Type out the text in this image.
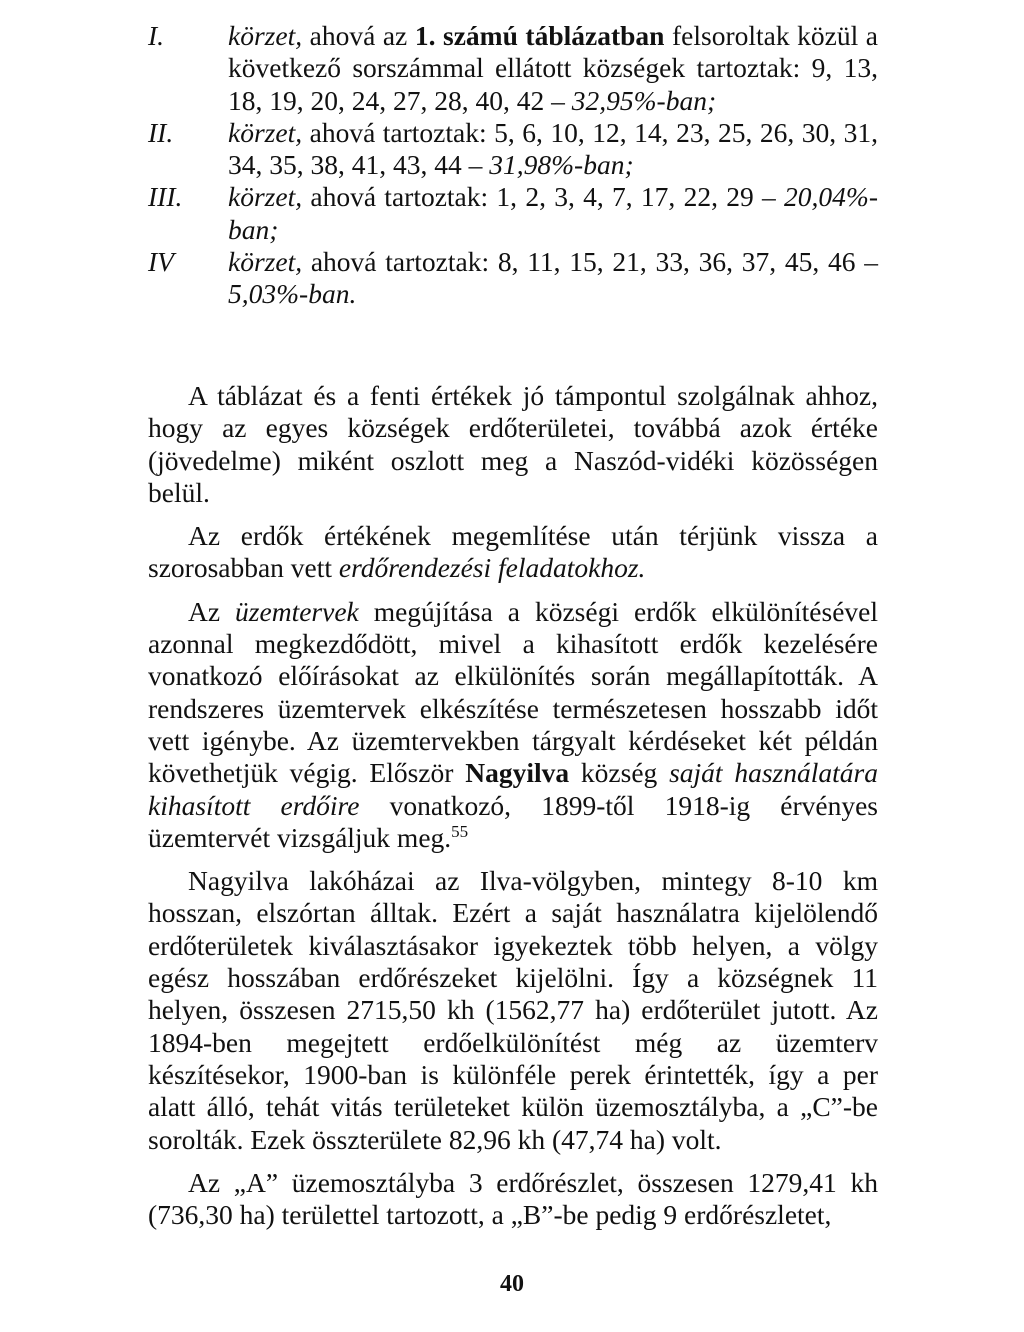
I.	körzet, ahová az 1. számú táblázatban felsoroltak közül a következő sorszámmal ellátott községek tartoztak: 9, 13, 18, 19, 20, 24, 27, 28, 40, 42 – 32,95%-ban;
II.	körzet, ahová tartoztak: 5, 6, 10, 12, 14, 23, 25, 26, 30, 31, 34, 35, 38, 41, 43, 44 – 31,98%-ban;
III.	körzet, ahová tartoztak: 1, 2, 3, 4, 7, 17, 22, 29 – 20,04%-ban;
IV	körzet, ahová tartoztak: 8, 11, 15, 21, 33, 36, 37, 45, 46 – 5,03%-ban.

A táblázat és a fenti értékek jó támpontul szolgálnak ahhoz, hogy az egyes községek erdőterületei, továbbá azok értéke (jövedelme) miként oszlott meg a Naszód-vidéki közösségen belül.

Az erdők értékének megemlítése után térjünk vissza a szorosabban vett erdőrendezési feladatokhoz.

Az üzemtervek megújítása a községi erdők elkülönítésével azonnal megkezdődött, mivel a kihasított erdők kezelésére vonatkozó előírásokat az elkülönítés során megállapították. A rendszeres üzemtervek elkészítése természetesen hosszabb időt vett igénybe. Az üzemtervekben tárgyalt kérdéseket két példán követhetjük végig. Először Nagyilva község saját használatára kihasított erdőire vonatkozó, 1899-től 1918-ig érvényes üzemtervét vizsgáljuk meg.$^{55}$

Nagyilva lakóházai az Ilva-völgyben, mintegy 8-10 km hosszan, elszórtan álltak. Ezért a saját használatra kijelölendő erdőterületek kiválasztásakor igyekeztek több helyen, a völgy egész hosszában erdőrészeket kijelölni. Így a községnek 11 helyen, összesen 2715,50 kh (1562,77 ha) erdőterület jutott. Az 1894-ben megejtett erdőelkülönítést még az üzemterv készítésekor, 1900-ban is különféle perek érintették, így a per alatt álló, tehát vitás területeket külön üzemosztályba, a „C”-be sorolták. Ezek összterülete 82,96 kh (47,74 ha) volt.

Az „A” üzemosztályba 3 erdőrészlet, összesen 1279,41 kh (736,30 ha) területtel tartozott, a „B”-be pedig 9 erdőrészletet,

40
